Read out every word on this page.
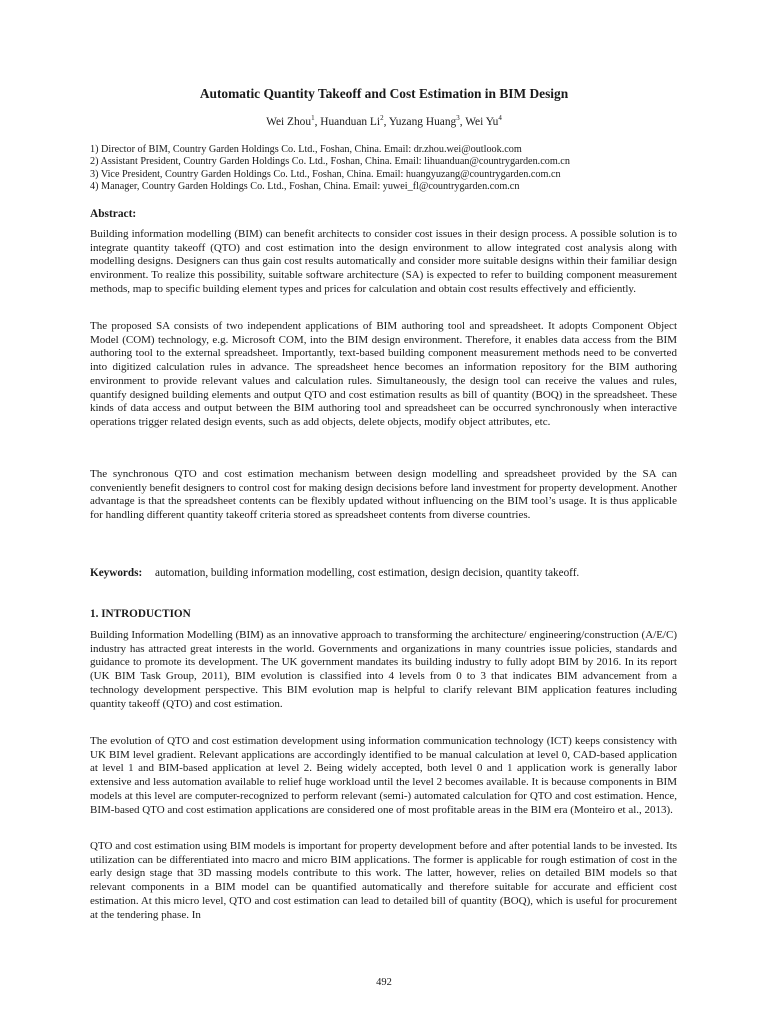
Automatic Quantity Takeoff and Cost Estimation in BIM Design
Wei Zhou$^1$, Huanduan Li$^2$, Yuzang Huang$^3$, Wei Yu$^4$
1) Director of BIM, Country Garden Holdings Co. Ltd., Foshan, China. Email: dr.zhou.wei@outlook.com
2) Assistant President, Country Garden Holdings Co. Ltd., Foshan, China. Email: lihuanduan@countrygarden.com.cn
3) Vice President, Country Garden Holdings Co. Ltd., Foshan, China. Email: huangyuzang@countrygarden.com.cn
4) Manager, Country Garden Holdings Co. Ltd., Foshan, China. Email: yuwei_fl@countrygarden.com.cn
Abstract:
Building information modelling (BIM) can benefit architects to consider cost issues in their design process. A possible solution is to integrate quantity takeoff (QTO) and cost estimation into the design environment to allow integrated cost analysis along with modelling designs. Designers can thus gain cost results automatically and consider more suitable designs within their familiar design environment. To realize this possibility, suitable software architecture (SA) is expected to refer to building component measurement methods, map to specific building element types and prices for calculation and obtain cost results effectively and efficiently.
The proposed SA consists of two independent applications of BIM authoring tool and spreadsheet. It adopts Component Object Model (COM) technology, e.g. Microsoft COM, into the BIM design environment. Therefore, it enables data access from the BIM authoring tool to the external spreadsheet. Importantly, text-based building component measurement methods need to be converted into digitized calculation rules in advance. The spreadsheet hence becomes an information repository for the BIM authoring environment to provide relevant values and calculation rules. Simultaneously, the design tool can receive the values and rules, quantify designed building elements and output QTO and cost estimation results as bill of quantity (BOQ) in the spreadsheet. These kinds of data access and output between the BIM authoring tool and spreadsheet can be occurred synchronously when interactive operations trigger related design events, such as add objects, delete objects, modify object attributes, etc.
The synchronous QTO and cost estimation mechanism between design modelling and spreadsheet provided by the SA can conveniently benefit designers to control cost for making design decisions before land investment for property development. Another advantage is that the spreadsheet contents can be flexibly updated without influencing on the BIM tool’s usage. It is thus applicable for handling different quantity takeoff criteria stored as spreadsheet contents from diverse countries.
Keywords: automation, building information modelling, cost estimation, design decision, quantity takeoff.
1. INTRODUCTION
Building Information Modelling (BIM) as an innovative approach to transforming the architecture/ engineering/construction (A/E/C) industry has attracted great interests in the world. Governments and organizations in many countries issue policies, standards and guidance to promote its development. The UK government mandates its building industry to fully adopt BIM by 2016. In its report (UK BIM Task Group, 2011), BIM evolution is classified into 4 levels from 0 to 3 that indicates BIM advancement from a technology development perspective. This BIM evolution map is helpful to clarify relevant BIM application features including quantity takeoff (QTO) and cost estimation.
The evolution of QTO and cost estimation development using information communication technology (ICT) keeps consistency with UK BIM level gradient. Relevant applications are accordingly identified to be manual calculation at level 0, CAD-based application at level 1 and BIM-based application at level 2. Being widely accepted, both level 0 and 1 application work is generally labor extensive and less automation available to relief huge workload until the level 2 becomes available. It is because components in BIM models at this level are computer-recognized to perform relevant (semi-) automated calculation for QTO and cost estimation. Hence, BIM-based QTO and cost estimation applications are considered one of most profitable areas in the BIM era (Monteiro et al., 2013).
QTO and cost estimation using BIM models is important for property development before and after potential lands to be invested. Its utilization can be differentiated into macro and micro BIM applications. The former is applicable for rough estimation of cost in the early design stage that 3D massing models contribute to this work. The latter, however, relies on detailed BIM models so that relevant components in a BIM model can be quantified automatically and therefore suitable for accurate and efficient cost estimation. At this micro level, QTO and cost estimation can lead to detailed bill of quantity (BOQ), which is useful for procurement at the tendering phase. In
492
